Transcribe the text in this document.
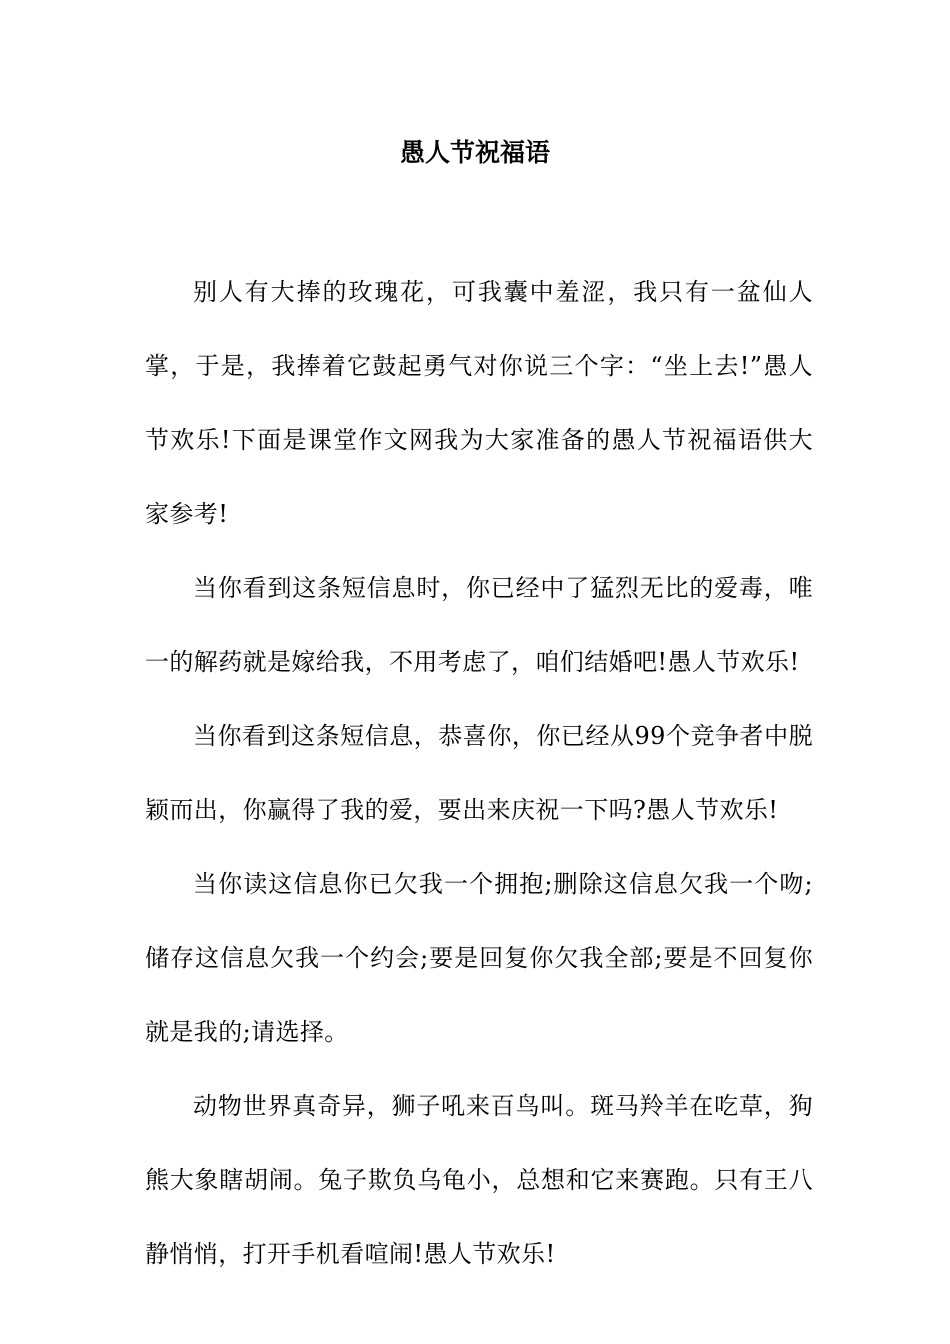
愚人节祝福语

别人有大捧的玫瑰花，可我囊中羞涩，我只有一盆仙人掌，于是，我捧着它鼓起勇气对你说三个字：“坐上去!”愚人节欢乐!下面是课堂作文网我为大家准备的愚人节祝福语供大家参考!

当你看到这条短信息时，你已经中了猛烈无比的爱毒，唯一的解药就是嫁给我，不用考虑了，咱们结婚吧!愚人节欢乐!

当你看到这条短信息，恭喜你，你已经从99个竞争者中脱颖而出，你赢得了我的爱，要出来庆祝一下吗?愚人节欢乐!

当你读这信息你已欠我一个拥抱;删除这信息欠我一个吻;储存这信息欠我一个约会;要是回复你欠我全部;要是不回复你就是我的;请选择。

动物世界真奇异，狮子吼来百鸟叫。斑马羚羊在吃草，狗熊大象瞎胡闹。兔子欺负乌龟小，总想和它来赛跑。只有王八静悄悄，打开手机看喧闹!愚人节欢乐!
